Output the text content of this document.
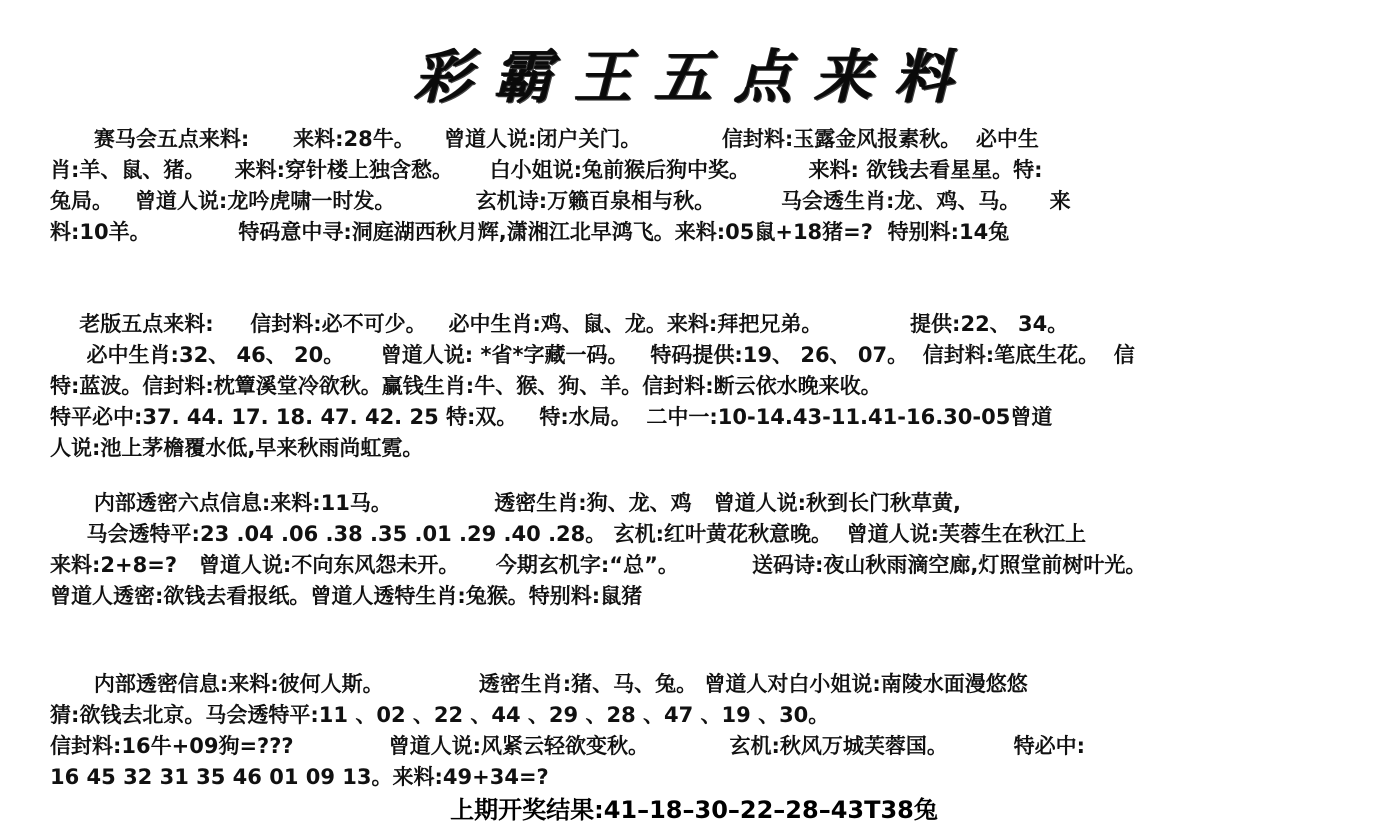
彩霸王五点来料
赛马会五点来料:      来料:28牛。    曾道人说:闭户关门。           信封料:玉露金风报素秋。  必中生
肖:羊、鼠、猪。    来料:穿针楼上独含愁。     白小姐说:兔前猴后狗中奖。        来料: 欲钱去看星星。特:
兔局。   曾道人说:龙吟虎啸一时发。           玄机诗:万籁百泉相与秋。         马会透生肖:龙、鸡、马。    来
料:10羊。            特码意中寻:洞庭湖西秋月辉,潇湘江北早鸿飞。来料:05鼠+18猪=?  特别料:14兔
老版五点来料:     信封料:必不可少。   必中生肖:鸡、鼠、龙。来料:拜把兄弟。            提供:22、 34。
必中生肖:32、 46、 20。     曾道人说: *省*字藏一码。   特码提供:19、 26、 07。  信封料:笔底生花。  信
特:蓝波。信封料:枕簟溪堂冷欲秋。赢钱生肖:牛、猴、狗、羊。信封料:断云依水晚来收。
特平必中:37. 44. 17. 18. 47. 42. 25 特:双。   特:水局。  二中一:10-14.43-11.41-16.30-05曾道
人说:池上茅檐覆水低,早来秋雨尚虹霓。
内部透密六点信息:来料:11马。              透密生肖:狗、龙、鸡   曾道人说:秋到长门秋草黄,
马会透特平:23 .04 .06 .38 .35 .01 .29 .40 .28。 玄机:红叶黄花秋意晚。  曾道人说:芙蓉生在秋江上
来料:2+8=?   曾道人说:不向东风怨未开。     今期玄机字:“总”。          送码诗:夜山秋雨滴空廊,灯照堂前树叶光。
曾道人透密:欲钱去看报纸。曾道人透特生肖:兔猴。特别料:鼠猪
内部透密信息:来料:彼何人斯。             透密生肖:猪、马、兔。 曾道人对白小姐说:南陵水面漫悠悠
猜:欲钱去北京。马会透特平:11 、02 、22 、44 、29 、28 、47 、19 、30。
信封料:16牛+09狗=???             曾道人说:风紧云轻欲变秋。           玄机:秋风万城芙蓉国。         特必中:
16 45 32 31 35 46 01 09 13。来料:49+34=?
上期开奖结果:41–18–30–22–28–43T38兔
